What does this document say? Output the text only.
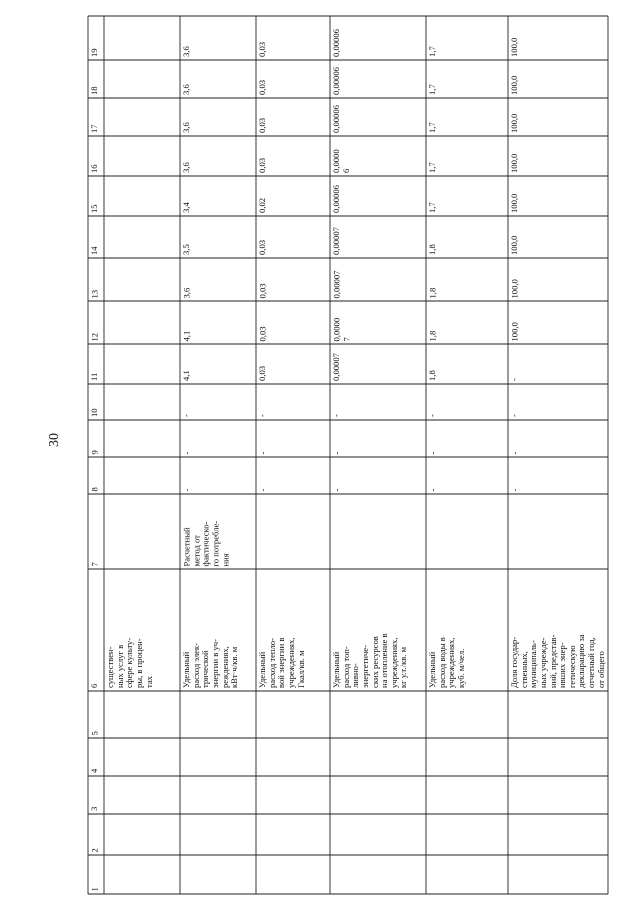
30
1
2
3
4
5
6
7
8
9
10
11
12
13
14
15
16
17
18
19
существен-
ных услуг в
сфере культу-
ры, в процен-
тах	Удельный
расход элек-
трической
энергии в уч-
реждениях,
кВт·ч/кв. м
Расчетный
метод от
фактическо-
го потребле-
ния
-
-
-
4,1
4,1
3,6
3,5
3,4
3,6
3,6
3,6
3,6
Удельный
расход тепло-
вой энергии в
учреждениях,
Гкал/кв. м
-
-
-
0,03
0,03
0,03
0,03
0,02
0,03
0,03
0,03
0,03
Удельный
расход топ-
ливно-
энергетиче-
ских ресурсов
на отопление в
учреждениях,
кг у.т./кв. м
-
-
-
0,00007
0,0000
7
0,00007
0,00007
0,00006
0,0000
6
0,00006
0,00006
0,00006
Удельный
расход воды в
учреждениях,
куб. м/чел.
-
-
-
1,8
1,8
1,8
1,8
1,7
1,7
1,7
1,7
1,7
Доля государ-
ственных,
муниципаль-
ных учрежде-
ний, представ-
ивших энер-
гетическую
декларацию за
отчетный год,
от общего
-
-
-
-
100,0
100,0
100,0
100,0
100,0
100,0
100,0
100,0
